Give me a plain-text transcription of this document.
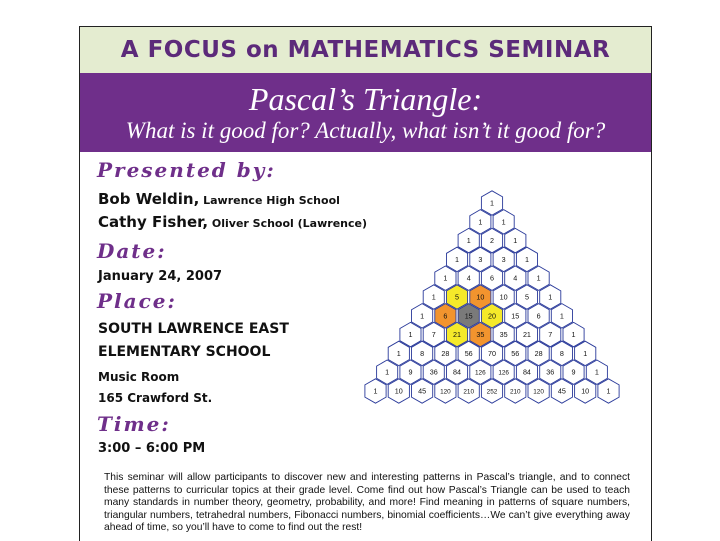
A FOCUS on MATHEMATICS SEMINAR
Pascal’s Triangle:
What is it good for? Actually, what isn’t it good for?
Presented by:
Bob Weldin, Lawrence High School
Cathy Fisher, Oliver School (Lawrence)
Date:
January 24, 2007
Place:
SOUTH LAWRENCE EAST
ELEMENTARY SCHOOL
Music Room
165 Crawford St.
Time:
3:00 – 6:00 PM
1
1	1
1	2	1
1	3	3	1
1	4	6	4	1
1	5 10 10 5	1
1	6 15 20 15 6	1
1	7 21 35 35 21 7	1
1	8 28 56 70 56 28 8	1
1	9 36 84 126 126 84 36 9	1
1 10 45 120 210 252 210 120 45 10 1
This seminar will allow participants to discover new and interesting patterns in Pascal’s triangle, and to connect these patterns to curricular topics at their grade level. Come find out how Pascal’s Triangle can be used to teach many standards in number theory, geometry, probability, and more! Find meaning in patterns of square numbers, triangular numbers, tetrahedral numbers, Fibonacci numbers, binomial coefficients…We can’t give everything away ahead of time, so you’ll have to come to find out the rest!
